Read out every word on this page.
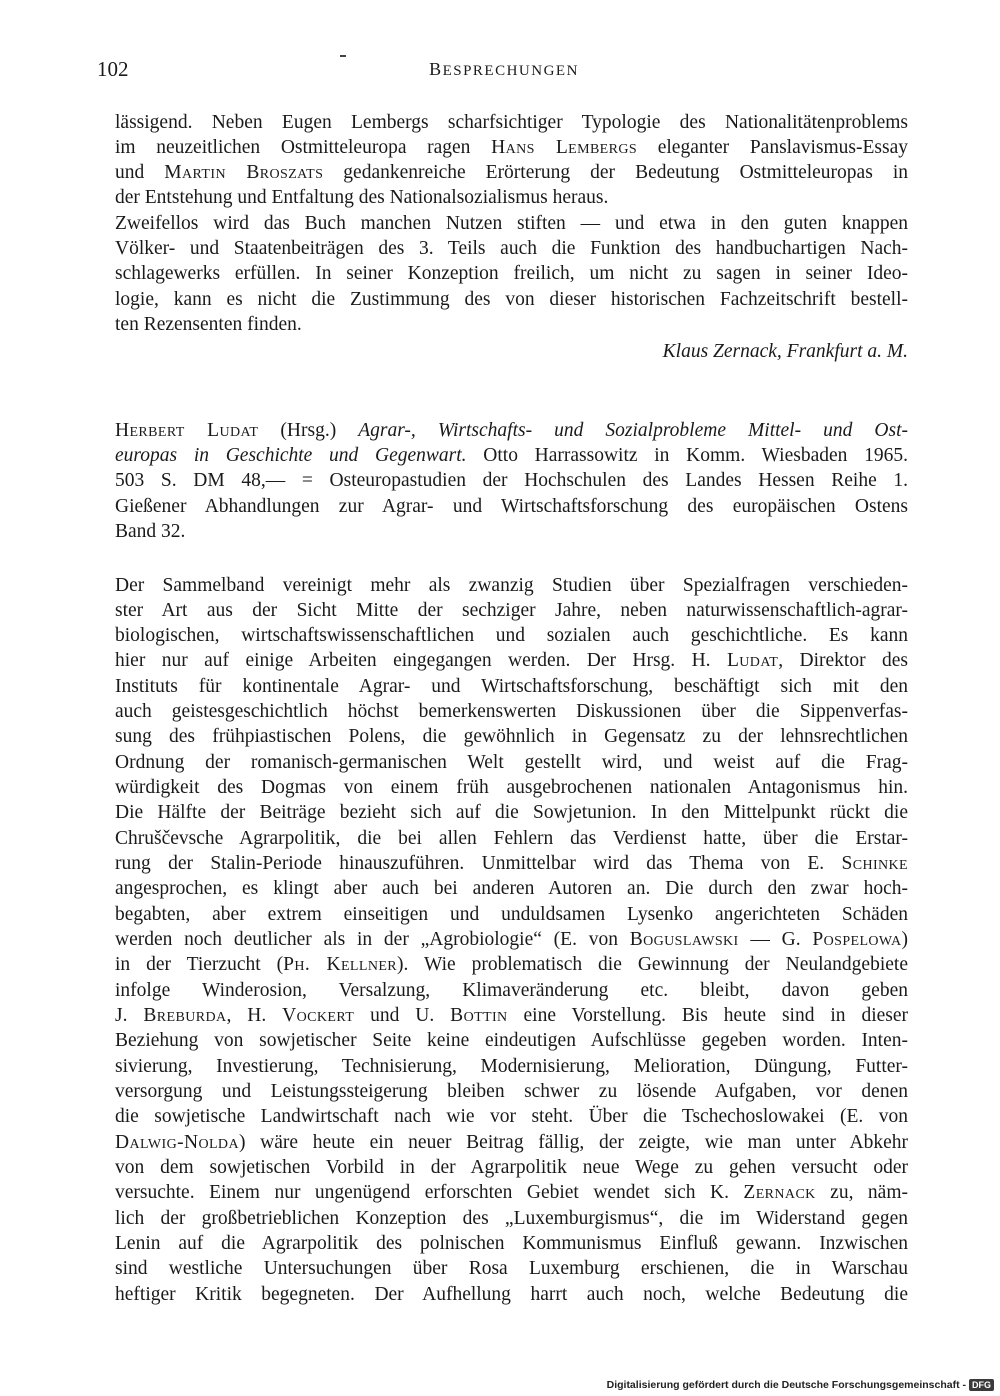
102	BESPRECHUNGEN
lässigend. Neben Eugen Lembergs scharfsichtiger Typologie des Nationalitätenproblems
im neuzeitlichen Ostmitteleuropa ragen Hans Lembergs eleganter Panslavismus-Essay
und Martin Broszats gedankenreiche Erörterung der Bedeutung Ostmitteleuropas in
der Entstehung und Entfaltung des Nationalsozialismus heraus.
Zweifellos wird das Buch manchen Nutzen stiften — und etwa in den guten knappen
Völker- und Staatenbeiträgen des 3. Teils auch die Funktion des handbuchartigen Nach-
schlagewerks erfüllen. In seiner Konzeption freilich, um nicht zu sagen in seiner Ideo-
logie, kann es nicht die Zustimmung des von dieser historischen Fachzeitschrift bestell-
ten Rezensenten finden.
Klaus Zernack, Frankfurt a. M.
Herbert Ludat (Hrsg.) Agrar-, Wirtschafts- und Sozialprobleme Mittel- und Ost-
europas in Geschichte und Gegenwart. Otto Harrassowitz in Komm. Wiesbaden 1965.
503 S. DM 48,— = Osteuropastudien der Hochschulen des Landes Hessen Reihe 1.
Gießener Abhandlungen zur Agrar- und Wirtschaftsforschung des europäischen Ostens
Band 32.
Der Sammelband vereinigt mehr als zwanzig Studien über Spezialfragen verschieden-
ster Art aus der Sicht Mitte der sechziger Jahre, neben naturwissenschaftlich-agrar-
biologischen, wirtschaftswissenschaftlichen und sozialen auch geschichtliche. Es kann
hier nur auf einige Arbeiten eingegangen werden. Der Hrsg. H. Ludat, Direktor des
Instituts für kontinentale Agrar- und Wirtschaftsforschung, beschäftigt sich mit den
auch geistesgeschichtlich höchst bemerkenswerten Diskussionen über die Sippenverfas-
sung des frühpiastischen Polens, die gewöhnlich in Gegensatz zu der lehnsrechtlichen
Ordnung der romanisch-germanischen Welt gestellt wird, und weist auf die Frag-
würdigkeit des Dogmas von einem früh ausgebrochenen nationalen Antagonismus hin.
Die Hälfte der Beiträge bezieht sich auf die Sowjetunion. In den Mittelpunkt rückt die
Chruščevsche Agrarpolitik, die bei allen Fehlern das Verdienst hatte, über die Erstar-
rung der Stalin-Periode hinauszuführen. Unmittelbar wird das Thema von E. Schinke
angesprochen, es klingt aber auch bei anderen Autoren an. Die durch den zwar hoch-
begabten, aber extrem einseitigen und unduldsamen Lysenko angerichteten Schäden
werden noch deutlicher als in der „Agrobiologie“ (E. von Boguslawski — G. Pospelowa)
in der Tierzucht (Ph. Kellner). Wie problematisch die Gewinnung der Neulandgebiete
infolge Winderosion, Versalzung, Klimaveränderung etc. bleibt, davon geben
J. Breburda, H. Vockert und U. Bottin eine Vorstellung. Bis heute sind in dieser
Beziehung von sowjetischer Seite keine eindeutigen Aufschlüsse gegeben worden. Inten-
sivierung, Investierung, Technisierung, Modernisierung, Melioration, Düngung, Futter-
versorgung und Leistungssteigerung bleiben schwer zu lösende Aufgaben, vor denen
die sowjetische Landwirtschaft nach wie vor steht. Über die Tschechoslowakei (E. von
Dalwig-Nolda) wäre heute ein neuer Beitrag fällig, der zeigte, wie man unter Abkehr
von dem sowjetischen Vorbild in der Agrarpolitik neue Wege zu gehen versucht oder
versuchte. Einem nur ungenügend erforschten Gebiet wendet sich K. Zernack zu, näm-
lich der großbetrieblichen Konzeption des „Luxemburgismus“, die im Widerstand gegen
Lenin auf die Agrarpolitik des polnischen Kommunismus Einfluß gewann. Inzwischen
sind westliche Untersuchungen über Rosa Luxemburg erschienen, die in Warschau
heftiger Kritik begegneten. Der Aufhellung harrt auch noch, welche Bedeutung die
Digitalisierung gefördert durch die Deutsche Forschungsgemeinschaft - DFG
